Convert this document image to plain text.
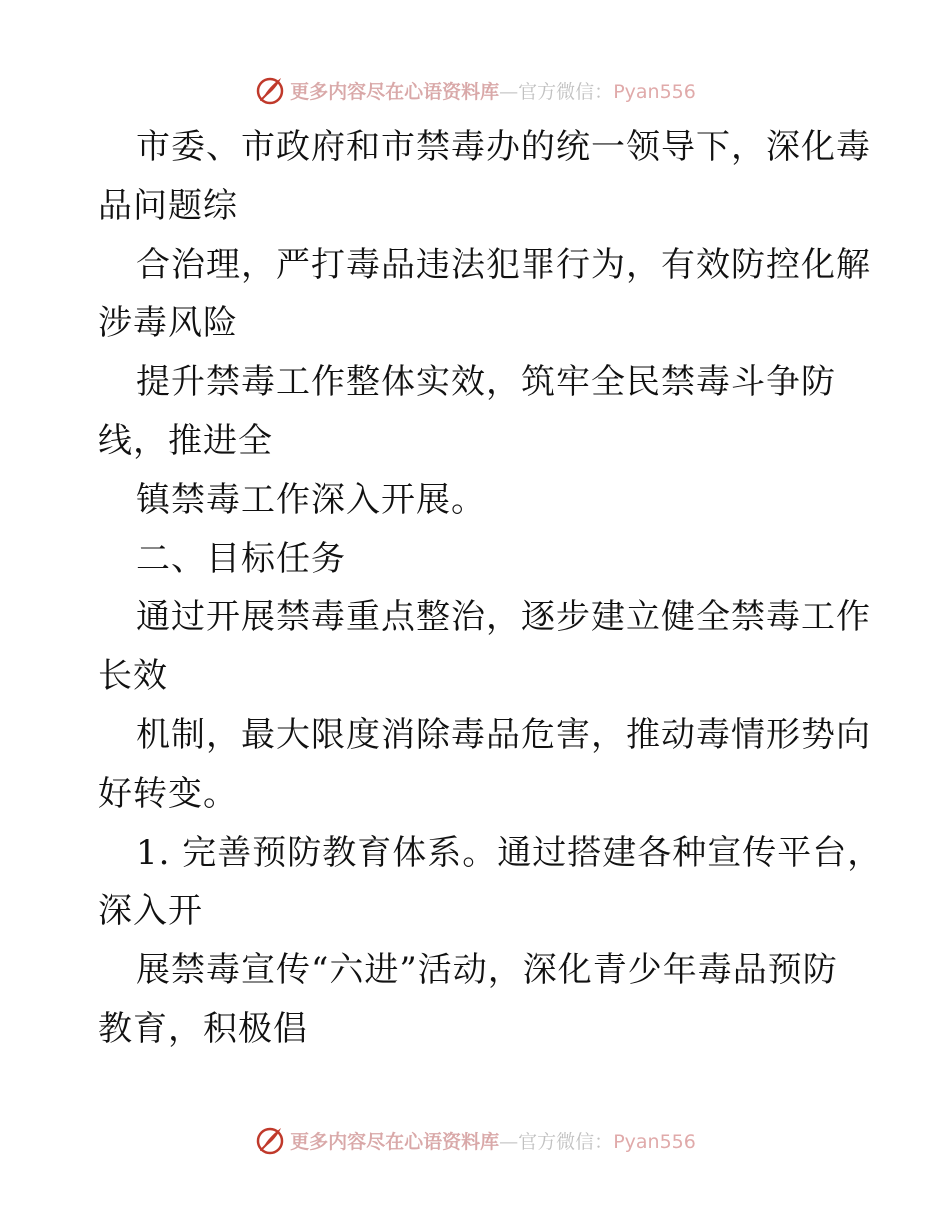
更多内容尽在心语资料库—官方微信：Pyan556
市委、市政府和市禁毒办的统一领导下，深化毒
品问题综
合治理，严打毒品违法犯罪行为，有效防控化解
涉毒风险
提升禁毒工作整体实效，筑牢全民禁毒斗争防
线，推进全
镇禁毒工作深入开展。
二、目标任务
通过开展禁毒重点整治，逐步建立健全禁毒工作
长效
机制，最大限度消除毒品危害，推动毒情形势向
好转变。
1. 完善预防教育体系。通过搭建各种宣传平台，
深入开
展禁毒宣传“六进”活动，深化青少年毒品预防
教育，积极倡
更多内容尽在心语资料库—官方微信：Pyan556
